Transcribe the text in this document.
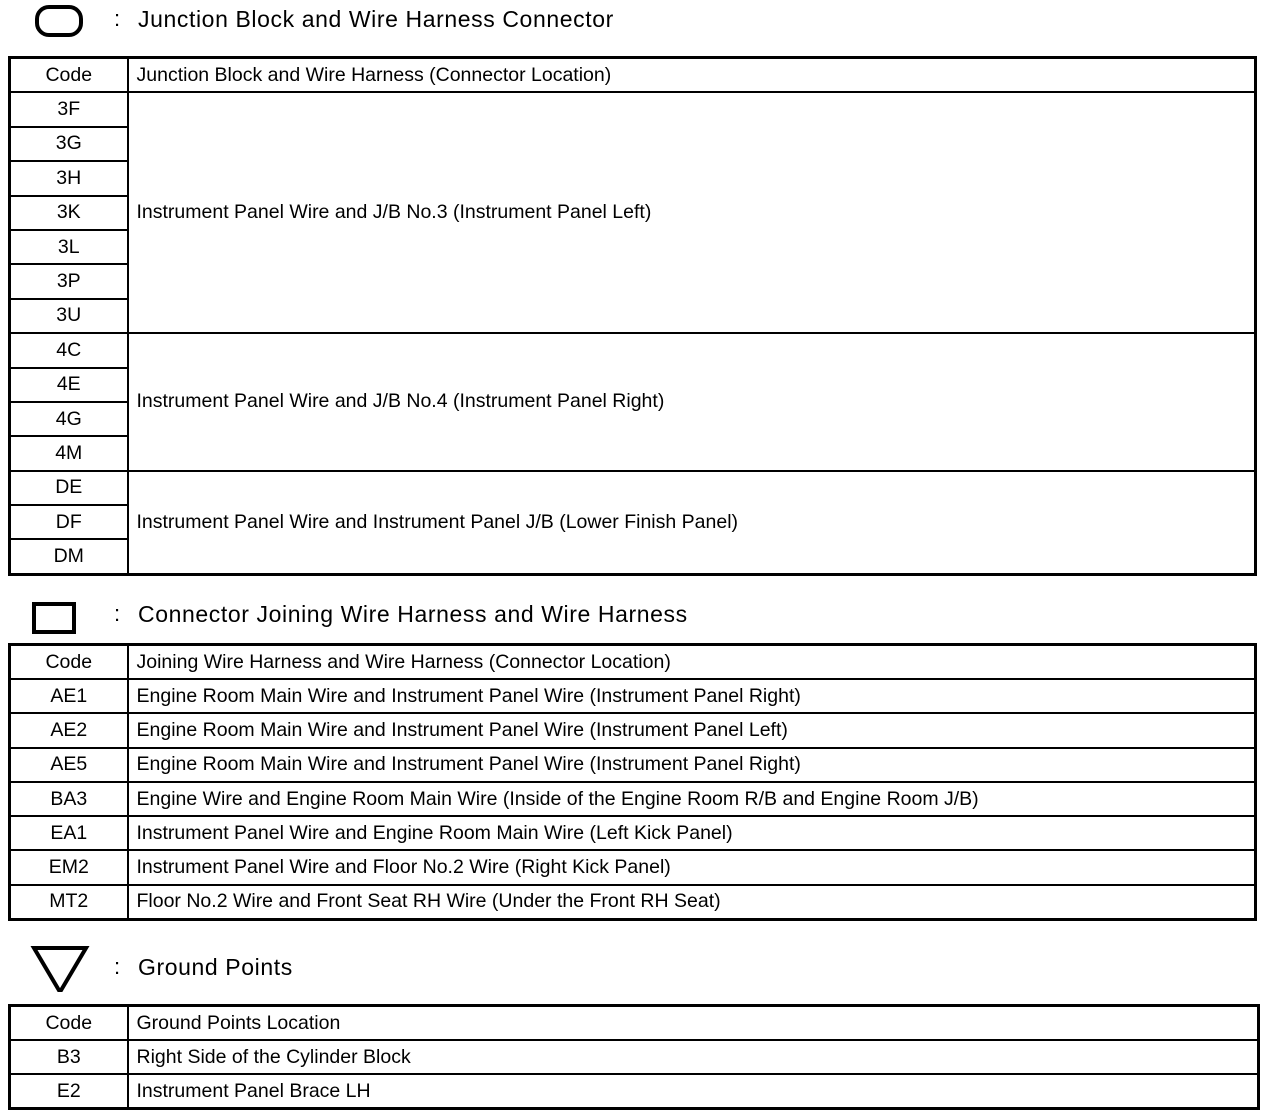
: Junction Block and Wire Harness Connector
Code	Junction Block and Wire Harness (Connector Location)
3F	Instrument Panel Wire and J/B No.3 (Instrument Panel Left)
3G	
3H	
3K	
3L	
3P	
3U	
4C	Instrument Panel Wire and J/B No.4 (Instrument Panel Right)
4E	
4G	
4M	
DE	Instrument Panel Wire and Instrument Panel J/B (Lower Finish Panel)
DF	
DM	
: Connector Joining Wire Harness and Wire Harness
Code	Joining Wire Harness and Wire Harness (Connector Location)
AE1	Engine Room Main Wire and Instrument Panel Wire (Instrument Panel Right)
AE2	Engine Room Main Wire and Instrument Panel Wire (Instrument Panel Left)
AE5	Engine Room Main Wire and Instrument Panel Wire (Instrument Panel Right)
BA3	Engine Wire and Engine Room Main Wire (Inside of the Engine Room R/B and Engine Room J/B)
EA1	Instrument Panel Wire and Engine Room Main Wire (Left Kick Panel)
EM2	Instrument Panel Wire and Floor No.2 Wire (Right Kick Panel)
MT2	Floor No.2 Wire and Front Seat RH Wire (Under the Front RH Seat)
: Ground Points
Code	Ground Points Location
B3	Right Side of the Cylinder Block
E2	Instrument Panel Brace LH
